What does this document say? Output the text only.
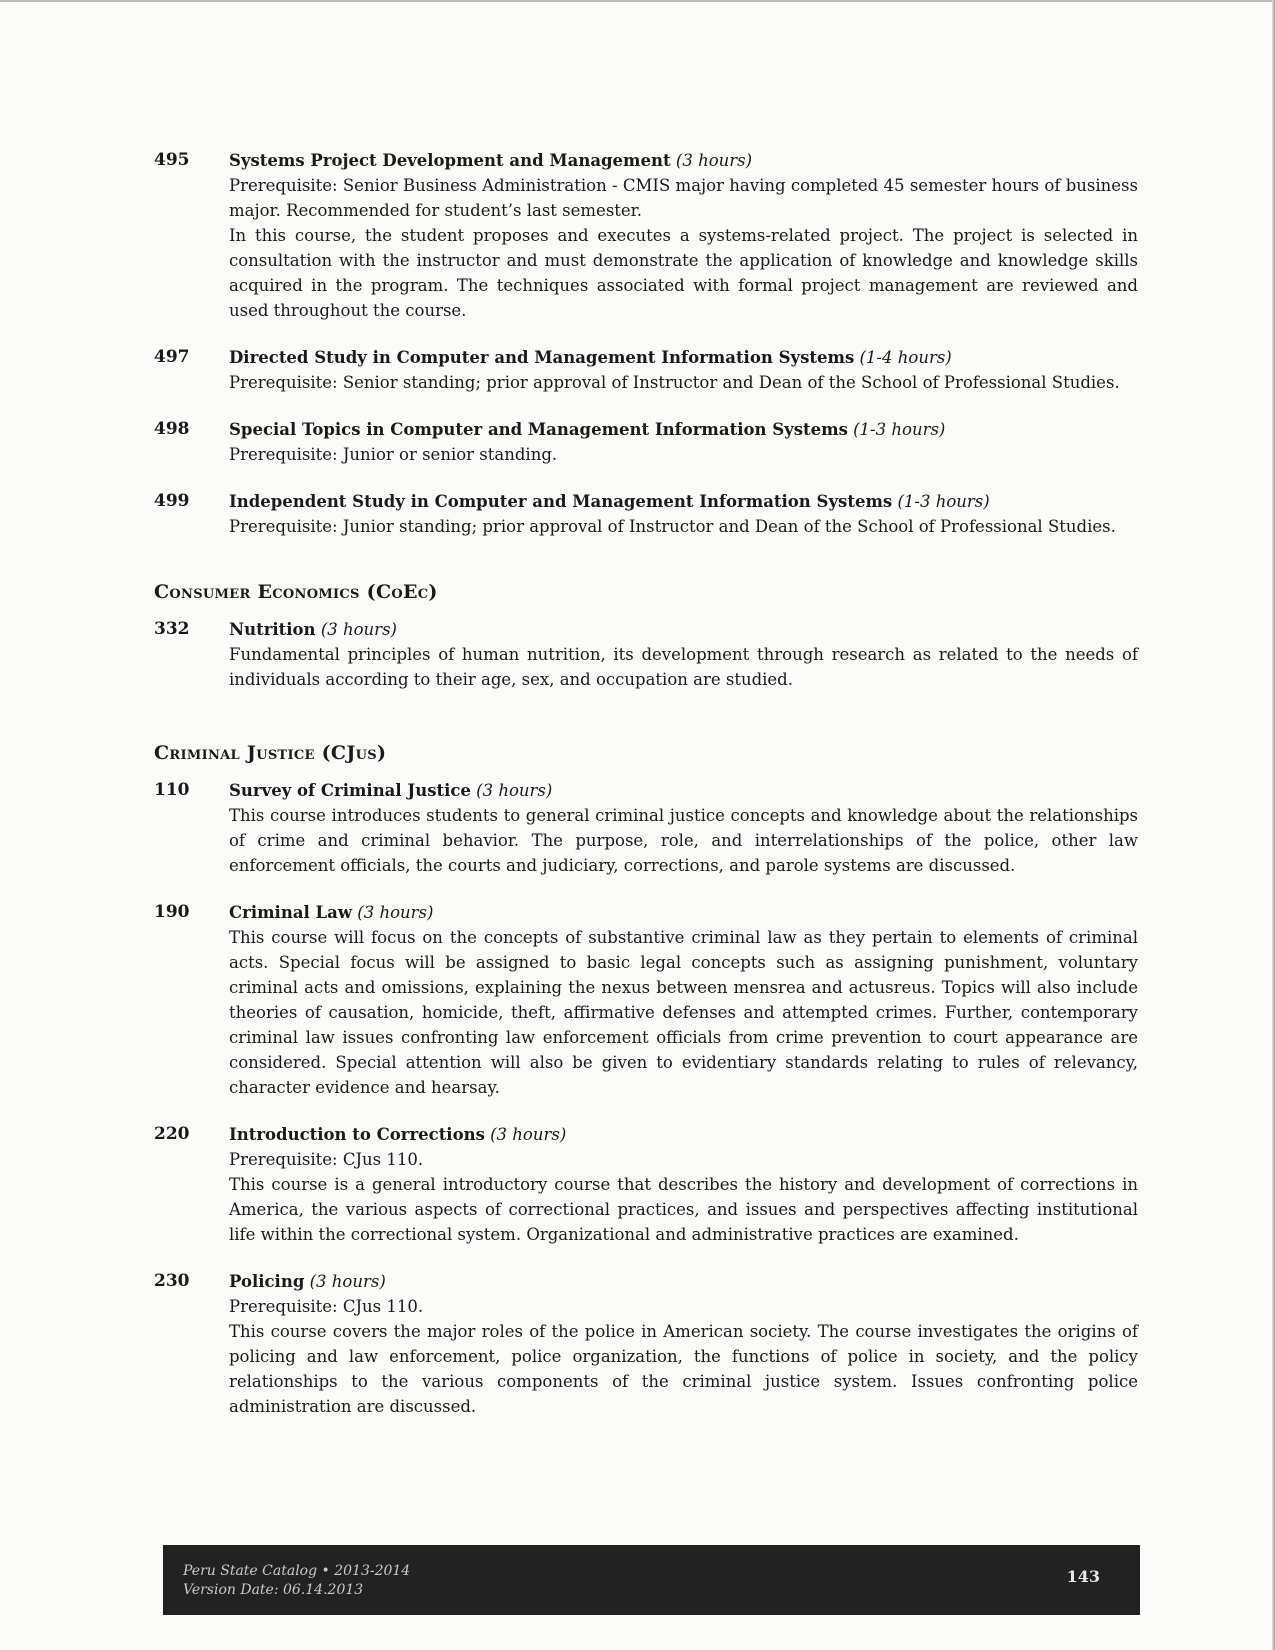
495	Systems Project Development and Management (3 hours)

Prerequisite: Senior Business Administration - CMIS major having completed 45 semester hours of business major. Recommended for student’s last semester.

In this course, the student proposes and executes a systems-related project. The project is selected in consultation with the instructor and must demonstrate the application of knowledge and knowledge skills acquired in the program. The techniques associated with formal project management are reviewed and used throughout the course.

497	Directed Study in Computer and Management Information Systems (1-4 hours)

Prerequisite: Senior standing; prior approval of Instructor and Dean of the School of Professional Studies.

498	Special Topics in Computer and Management Information Systems (1-3 hours)

Prerequisite: Junior or senior standing.

499	Independent Study in Computer and Management Information Systems (1-3 hours)

Prerequisite: Junior standing; prior approval of Instructor and Dean of the School of Professional Studies.

Consumer Economics (CoEc)
332	Nutrition (3 hours)

Fundamental principles of human nutrition, its development through research as related to the needs of individuals according to their age, sex, and occupation are studied.

Criminal Justice (CJus)
110	Survey of Criminal Justice (3 hours)

This course introduces students to general criminal justice concepts and knowledge about the relationships of crime and criminal behavior. The purpose, role, and interrelationships of the police, other law enforcement officials, the courts and judiciary, corrections, and parole systems are discussed.

190	Criminal Law (3 hours)

This course will focus on the concepts of substantive criminal law as they pertain to elements of criminal acts. Special focus will be assigned to basic legal concepts such as assigning punishment, voluntary criminal acts and omissions, explaining the nexus between mensrea and actusreus. Topics will also include theories of causation, homicide, theft, affirmative defenses and attempted crimes. Further, contemporary criminal law issues confronting law enforcement officials from crime prevention to court appearance are considered. Special attention will also be given to evidentiary standards relating to rules of relevancy, character evidence and hearsay.

220	Introduction to Corrections (3 hours)

Prerequisite: CJus 110.

This course is a general introductory course that describes the history and development of corrections in America, the various aspects of correctional practices, and issues and perspectives affecting institutional life within the correctional system. Organizational and administrative practices are examined.

230	Policing (3 hours)

Prerequisite: CJus 110.

This course covers the major roles of the police in American society. The course investigates the origins of policing and law enforcement, police organization, the functions of police in society, and the policy relationships to the various components of the criminal justice system. Issues confronting police administration are discussed.

Peru State Catalog • 2013-2014
Version Date: 06.14.2013
143
